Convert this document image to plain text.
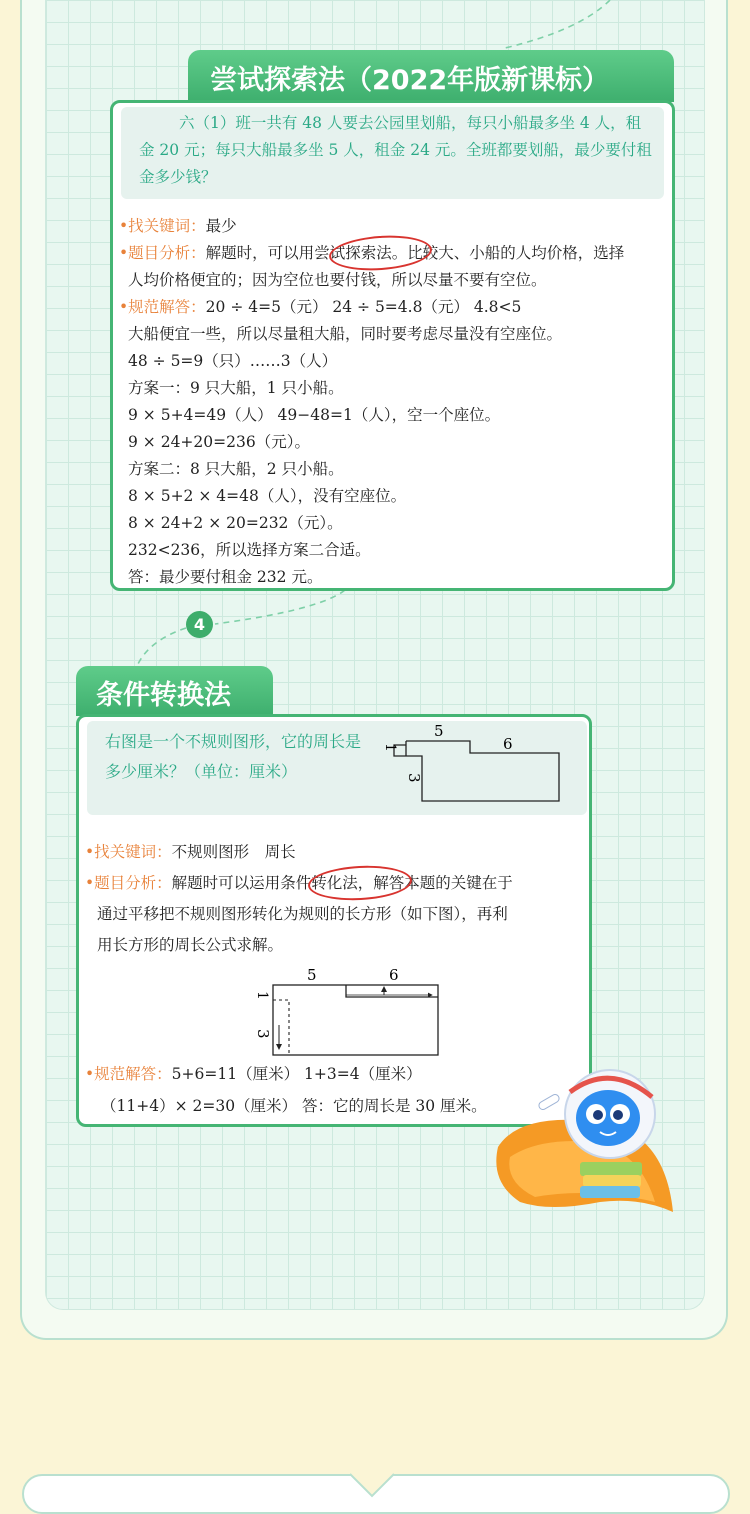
尝试探索法（2022年版新课标）
六（1）班一共有 48 人要去公园里划船，每只小船最多坐 4 人，租金 20 元；每只大船最多坐 5 人，租金 24 元。全班都要划船，最少要付租金多少钱？
•找关键词：最少
•题目分析：解题时，可以用尝试探索法。比较大、小船的人均价格，选择
人均价格便宜的；因为空位也要付钱，所以尽量不要有空位。
•规范解答：20 ÷ 4=5（元） 24 ÷ 5=4.8（元） 4.8<5
大船便宜一些，所以尽量租大船，同时要考虑尽量没有空座位。
48 ÷ 5=9（只）……3（人）
方案一：9 只大船，1 只小船。
9 × 5+4=49（人） 49−48=1（人），空一个座位。
9 × 24+20=236（元）。
方案二：8 只大船，2 只小船。
8 × 5+2 × 4=48（人），没有空座位。
8 × 24+2 × 20=232（元）。
232<236，所以选择方案二合适。
答：最少要付租金 232 元。
4
条件转换法
右图是一个不规则图形，它的周长是多少厘米？（单位：厘米）
5
6
1
3
•找关键词：不规则图形　周长
•题目分析：解题时可以运用条件转化法，解答本题的关键在于
通过平移把不规则图形转化为规则的长方形（如下图），再利
用长方形的周长公式求解。
5	6
1
3
•规范解答：5+6=11（厘米） 1+3=4（厘米）
（11+4）× 2=30（厘米） 答：它的周长是 30 厘米。
